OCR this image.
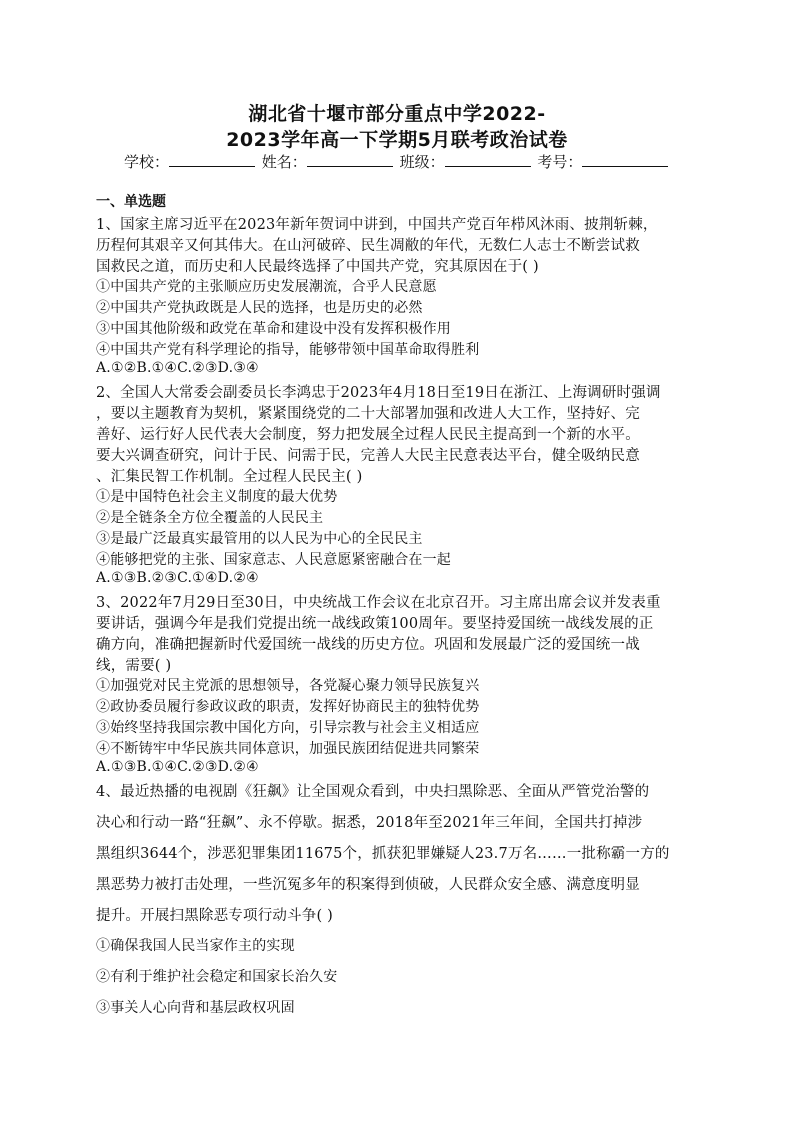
湖北省十堰市部分重点中学2022-
2023学年高一下学期5月联考政治试卷
学校：	姓名：	班级：	考号：
一、单选题
1、国家主席习近平在2023年新年贺词中讲到，中国共产党百年栉风沐雨、披荆斩棘，
历程何其艰辛又何其伟大。在山河破碎、民生凋敝的年代，无数仁人志士不断尝试救
国救民之道，而历史和人民最终选择了中国共产党，究其原因在于( )
①中国共产党的主张顺应历史发展潮流，合乎人民意愿
②中国共产党执政既是人民的选择，也是历史的必然
③中国其他阶级和政党在革命和建设中没有发挥积极作用
④中国共产党有科学理论的指导，能够带领中国革命取得胜利
A.①②B.①④C.②③D.③④
2、全国人大常委会副委员长李鸿忠于2023年4月18日至19日在浙江、上海调研时强调
，要以主题教育为契机，紧紧围绕党的二十大部署加强和改进人大工作，坚持好、完
善好、运行好人民代表大会制度，努力把发展全过程人民民主提高到一个新的水平。
要大兴调查研究，问计于民、问需于民，完善人大民主民意表达平台，健全吸纳民意
、汇集民智工作机制。全过程人民民主( )
①是中国特色社会主义制度的最大优势
②是全链条全方位全覆盖的人民民主
③是最广泛最真实最管用的以人民为中心的全民民主
④能够把党的主张、国家意志、人民意愿紧密融合在一起
A.①③B.②③C.①④D.②④
3、2022年7月29日至30日，中央统战工作会议在北京召开。习主席出席会议并发表重
要讲话，强调今年是我们党提出统一战线政策100周年。要坚持爱国统一战线发展的正
确方向，准确把握新时代爱国统一战线的历史方位。巩固和发展最广泛的爱国统一战
线，需要( )
①加强党对民主党派的思想领导，各党凝心聚力领导民族复兴
②政协委员履行参政议政的职责，发挥好协商民主的独特优势
③始终坚持我国宗教中国化方向，引导宗教与社会主义相适应
④不断铸牢中华民族共同体意识，加强民族团结促进共同繁荣
A.①③B.①④C.②③D.②④
4、最近热播的电视剧《狂飙》让全国观众看到，中央扫黑除恶、全面从严管党治警的
决心和行动一路“狂飙”、永不停歇。据悉，2018年至2021年三年间，全国共打掉涉
黑组织3644个，涉恶犯罪集团11675个，抓获犯罪嫌疑人23.7万名……一批称霸一方的
黑恶势力被打击处理，一些沉冤多年的积案得到侦破，人民群众安全感、满意度明显
提升。开展扫黑除恶专项行动斗争( )
①确保我国人民当家作主的实现
②有利于维护社会稳定和国家长治久安
③事关人心向背和基层政权巩固
